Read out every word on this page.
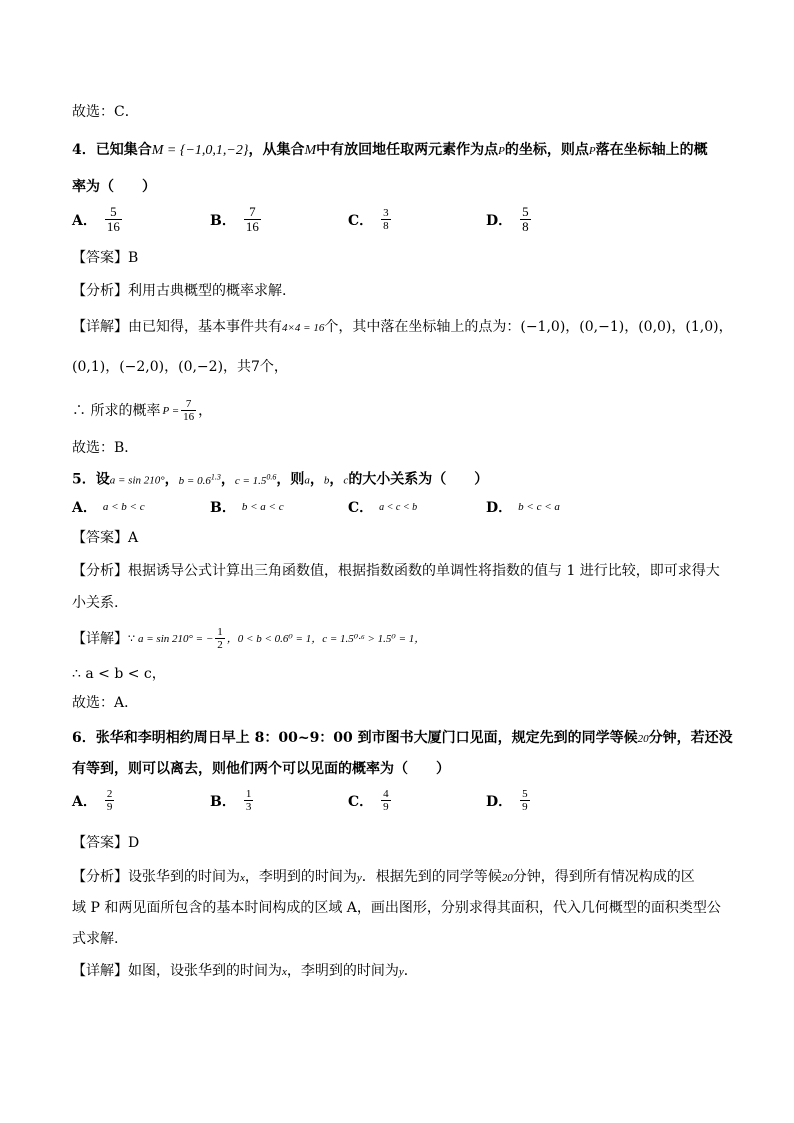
故选：C．
4．已知集合M = {−1,0,1,−2}，从集合M中有放回地任取两元素作为点P的坐标，则点P落在坐标轴上的概
率为（　　）
A． $\frac{5}{16}$	B． $\frac{7}{16}$	C． $\frac{3}{8}$	D． $\frac{5}{8}$
【答案】B
【分析】利用古典概型的概率求解.
【详解】由已知得，基本事件共有4×4 = 16个，其中落在坐标轴上的点为：(−1,0)，(0,−1)，(0,0)，(1,0)，
(0,1)，(−2,0)，(0,−2)，共7个，
∴ 所求的概率 $P = \frac{7}{16}$ ，
故选：B．
5．设a = sin 210°，$b = 0.6^{1.3}$，$c = 1.5^{0.6}$，则a，b，c的大小关系为（　　）
A． a < b < c	B． b < a < c	C． a < c < b	D． b < c < a
【答案】A
【分析】根据诱导公式计算出三角函数值，根据指数函数的单调性将指数的值与 1 进行比较，即可求得大
小关系.
【详解】 ∵ a = sin 210° = − $\frac{1}{2}$ ，0 < b < 0.6⁰ = 1， c = 1.5⁰·⁶ > 1.5⁰ = 1，
∴ a < b < c，
故选：A．
6．张华和李明相约周日早上 8：00~9：00 到市图书大厦门口见面，规定先到的同学等候20分钟，若还没
有等到，则可以离去，则他们两个可以见面的概率为（　　）
A． $\frac{2}{9}$	B． $\frac{1}{3}$	C． $\frac{4}{9}$	D． $\frac{5}{9}$
【答案】D
【分析】设张华到的时间为x，李明到的时间为y．根据先到的同学等候20分钟，得到所有情况构成的区
域 P 和两见面所包含的基本时间构成的区域 A，画出图形，分别求得其面积，代入几何概型的面积类型公
式求解.
【详解】如图，设张华到的时间为x，李明到的时间为y．
